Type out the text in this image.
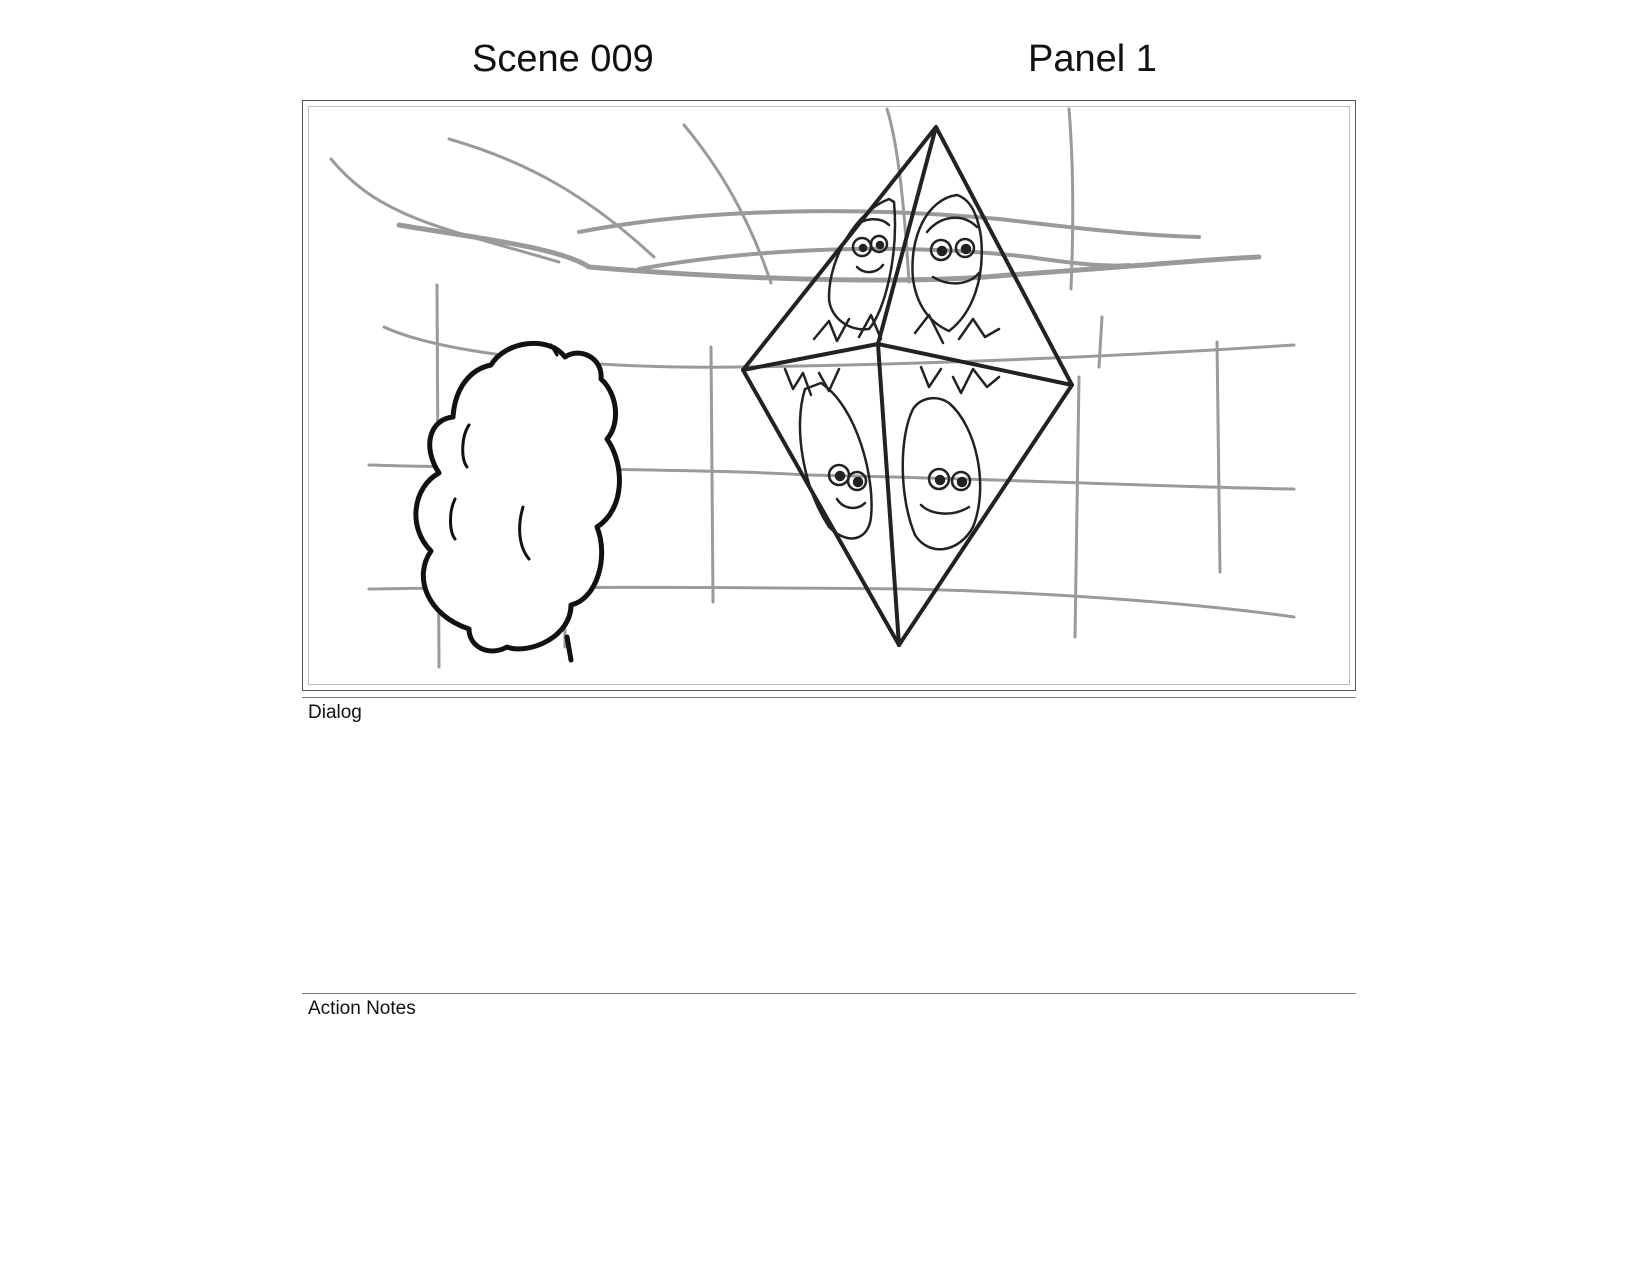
Scene 009	Panel 1
Dialog
Action Notes
